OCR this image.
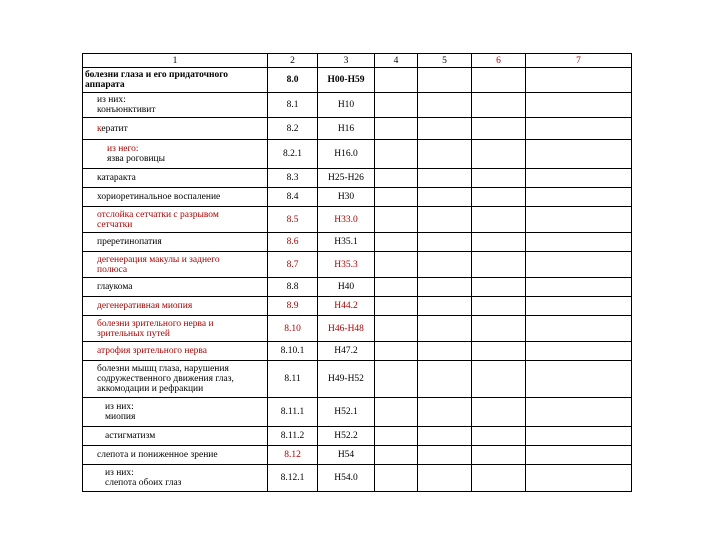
1	2	3	4	5	6	7

болезни глаза и его придаточного
аппарата	8.0	H00-H59				

из них:
конъюнктивит	8.1	H10				
кератит	8.2	H16				

из него:
язва роговицы	8.2.1	H16.0				
катаракта	8.3	H25-H26				
хориоретинальное воспаление	8.4	H30				

отслойка сетчатки с разрывом
сетчатки	8.5	H33.0				
преретинопатия	8.6	H35.1				

дегенерация макулы и заднего
полюса	8.7	H35.3				
глаукома	8.8	H40				
дегенеративная миопия	8.9	H44.2				

болезни зрительного нерва и
зрительных путей	8.10	H46-H48				
атрофия зрительного нерва	8.10.1	H47.2				

болезни мышц глаза, нарушения
содружественного движения глаз,
аккомодации и рефракции	8.11	H49-H52				

из них:
миопия	8.11.1	H52.1				
астигматизм	8.11.2	H52.2				
слепота и пониженное зрение	8.12	H54				

из них:
слепота обоих глаз	8.12.1	H54.0				
